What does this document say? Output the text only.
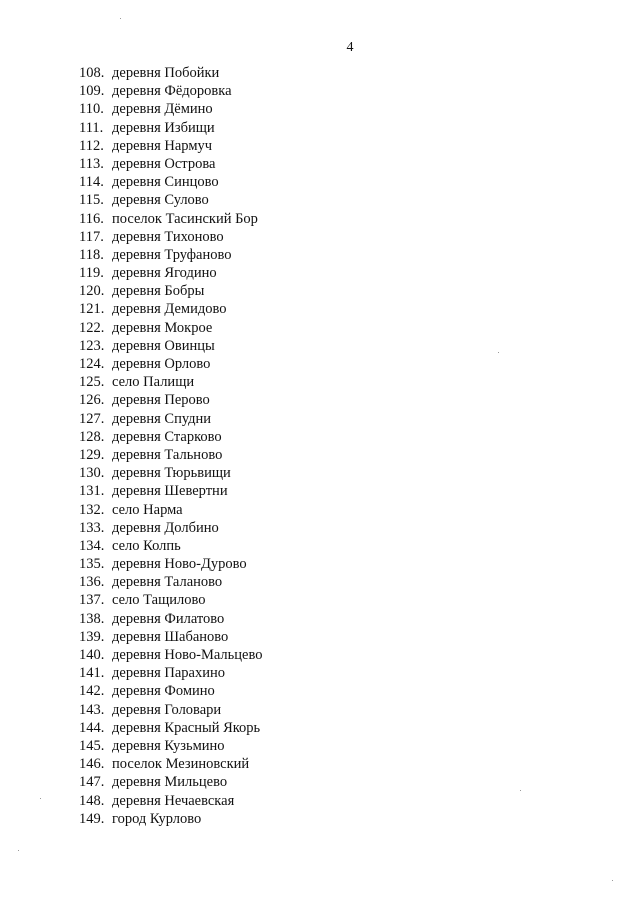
4
108. деревня Побойки
109. деревня Фёдоровка
110. деревня Дёмино
111. деревня Избищи
112. деревня Нармуч
113. деревня Острова
114. деревня Синцово
115. деревня Сулово
116. поселок Тасинский Бор
117. деревня Тихоново
118. деревня Труфаново
119. деревня Ягодино
120. деревня Бобры
121. деревня Демидово
122. деревня Мокрое
123. деревня Овинцы
124. деревня Орлово
125. село Палищи
126. деревня Перово
127. деревня Спудни
128. деревня Старково
129. деревня Тальново
130. деревня Тюрьвищи
131. деревня Шевертни
132. село Нарма
133. деревня Долбино
134. село Колпь
135. деревня Ново-Дурово
136. деревня Таланово
137. село Тащилово
138. деревня Филатово
139. деревня Шабаново
140. деревня Ново-Мальцево
141. деревня Парахино
142. деревня Фомино
143. деревня Головари
144. деревня Красный Якорь
145. деревня Кузьмино
146. поселок Мезиновский
147. деревня Мильцево
148. деревня Нечаевская
149. город Курлово
